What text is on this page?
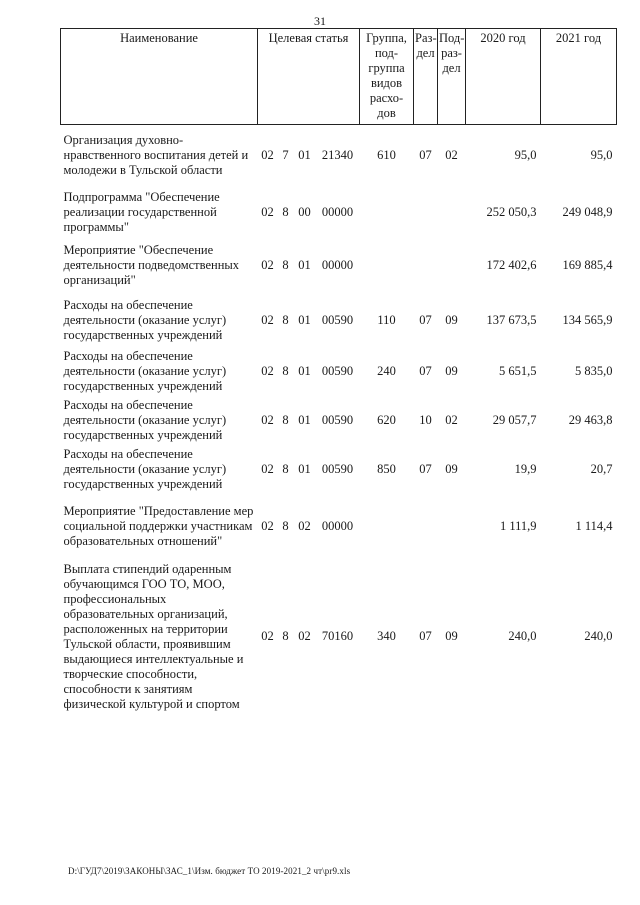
31
Наименование	Целевая статья				Группа, под-группа видов расхо-дов	Раз-дел	Под-раз-дел	2020 год	2021 год
Организация духовно-нравственного воспитания детей и молодежи в Тульской области	02	7	01	21340	610	07	02	95,0	95,0
Подпрограмма "Обеспечение реализации государственной программы"	02	8	00	00000				252 050,3	249 048,9
Мероприятие "Обеспечение деятельности подведомственных организаций"	02	8	01	00000				172 402,6	169 885,4
Расходы на обеспечение деятельности (оказание услуг) государственных учреждений	02	8	01	00590	110	07	09	137 673,5	134 565,9
Расходы на обеспечение деятельности (оказание услуг) государственных учреждений	02	8	01	00590	240	07	09	5 651,5	5 835,0
Расходы на обеспечение деятельности (оказание услуг) государственных учреждений	02	8	01	00590	620	10	02	29 057,7	29 463,8
Расходы на обеспечение деятельности (оказание услуг) государственных учреждений	02	8	01	00590	850	07	09	19,9	20,7
Мероприятие "Предоставление мер социальной поддержки участникам образовательных отношений"	02	8	02	00000				1 111,9	1 114,4
Выплата стипендий одаренным обучающимся ГОО ТО, МОО, профессиональных образовательных организаций, расположенных на территории Тульской области, проявившим выдающиеся интеллектуальные и творческие способности, способности к занятиям физической культурой и спортом	02	8	02	70160	340	07	09	240,0	240,0
D:\ГУД7\2019\ЗАКОНЫ\ЗАС_1\Изм. бюджет ТО 2019-2021_2 чт\pr9.xls
